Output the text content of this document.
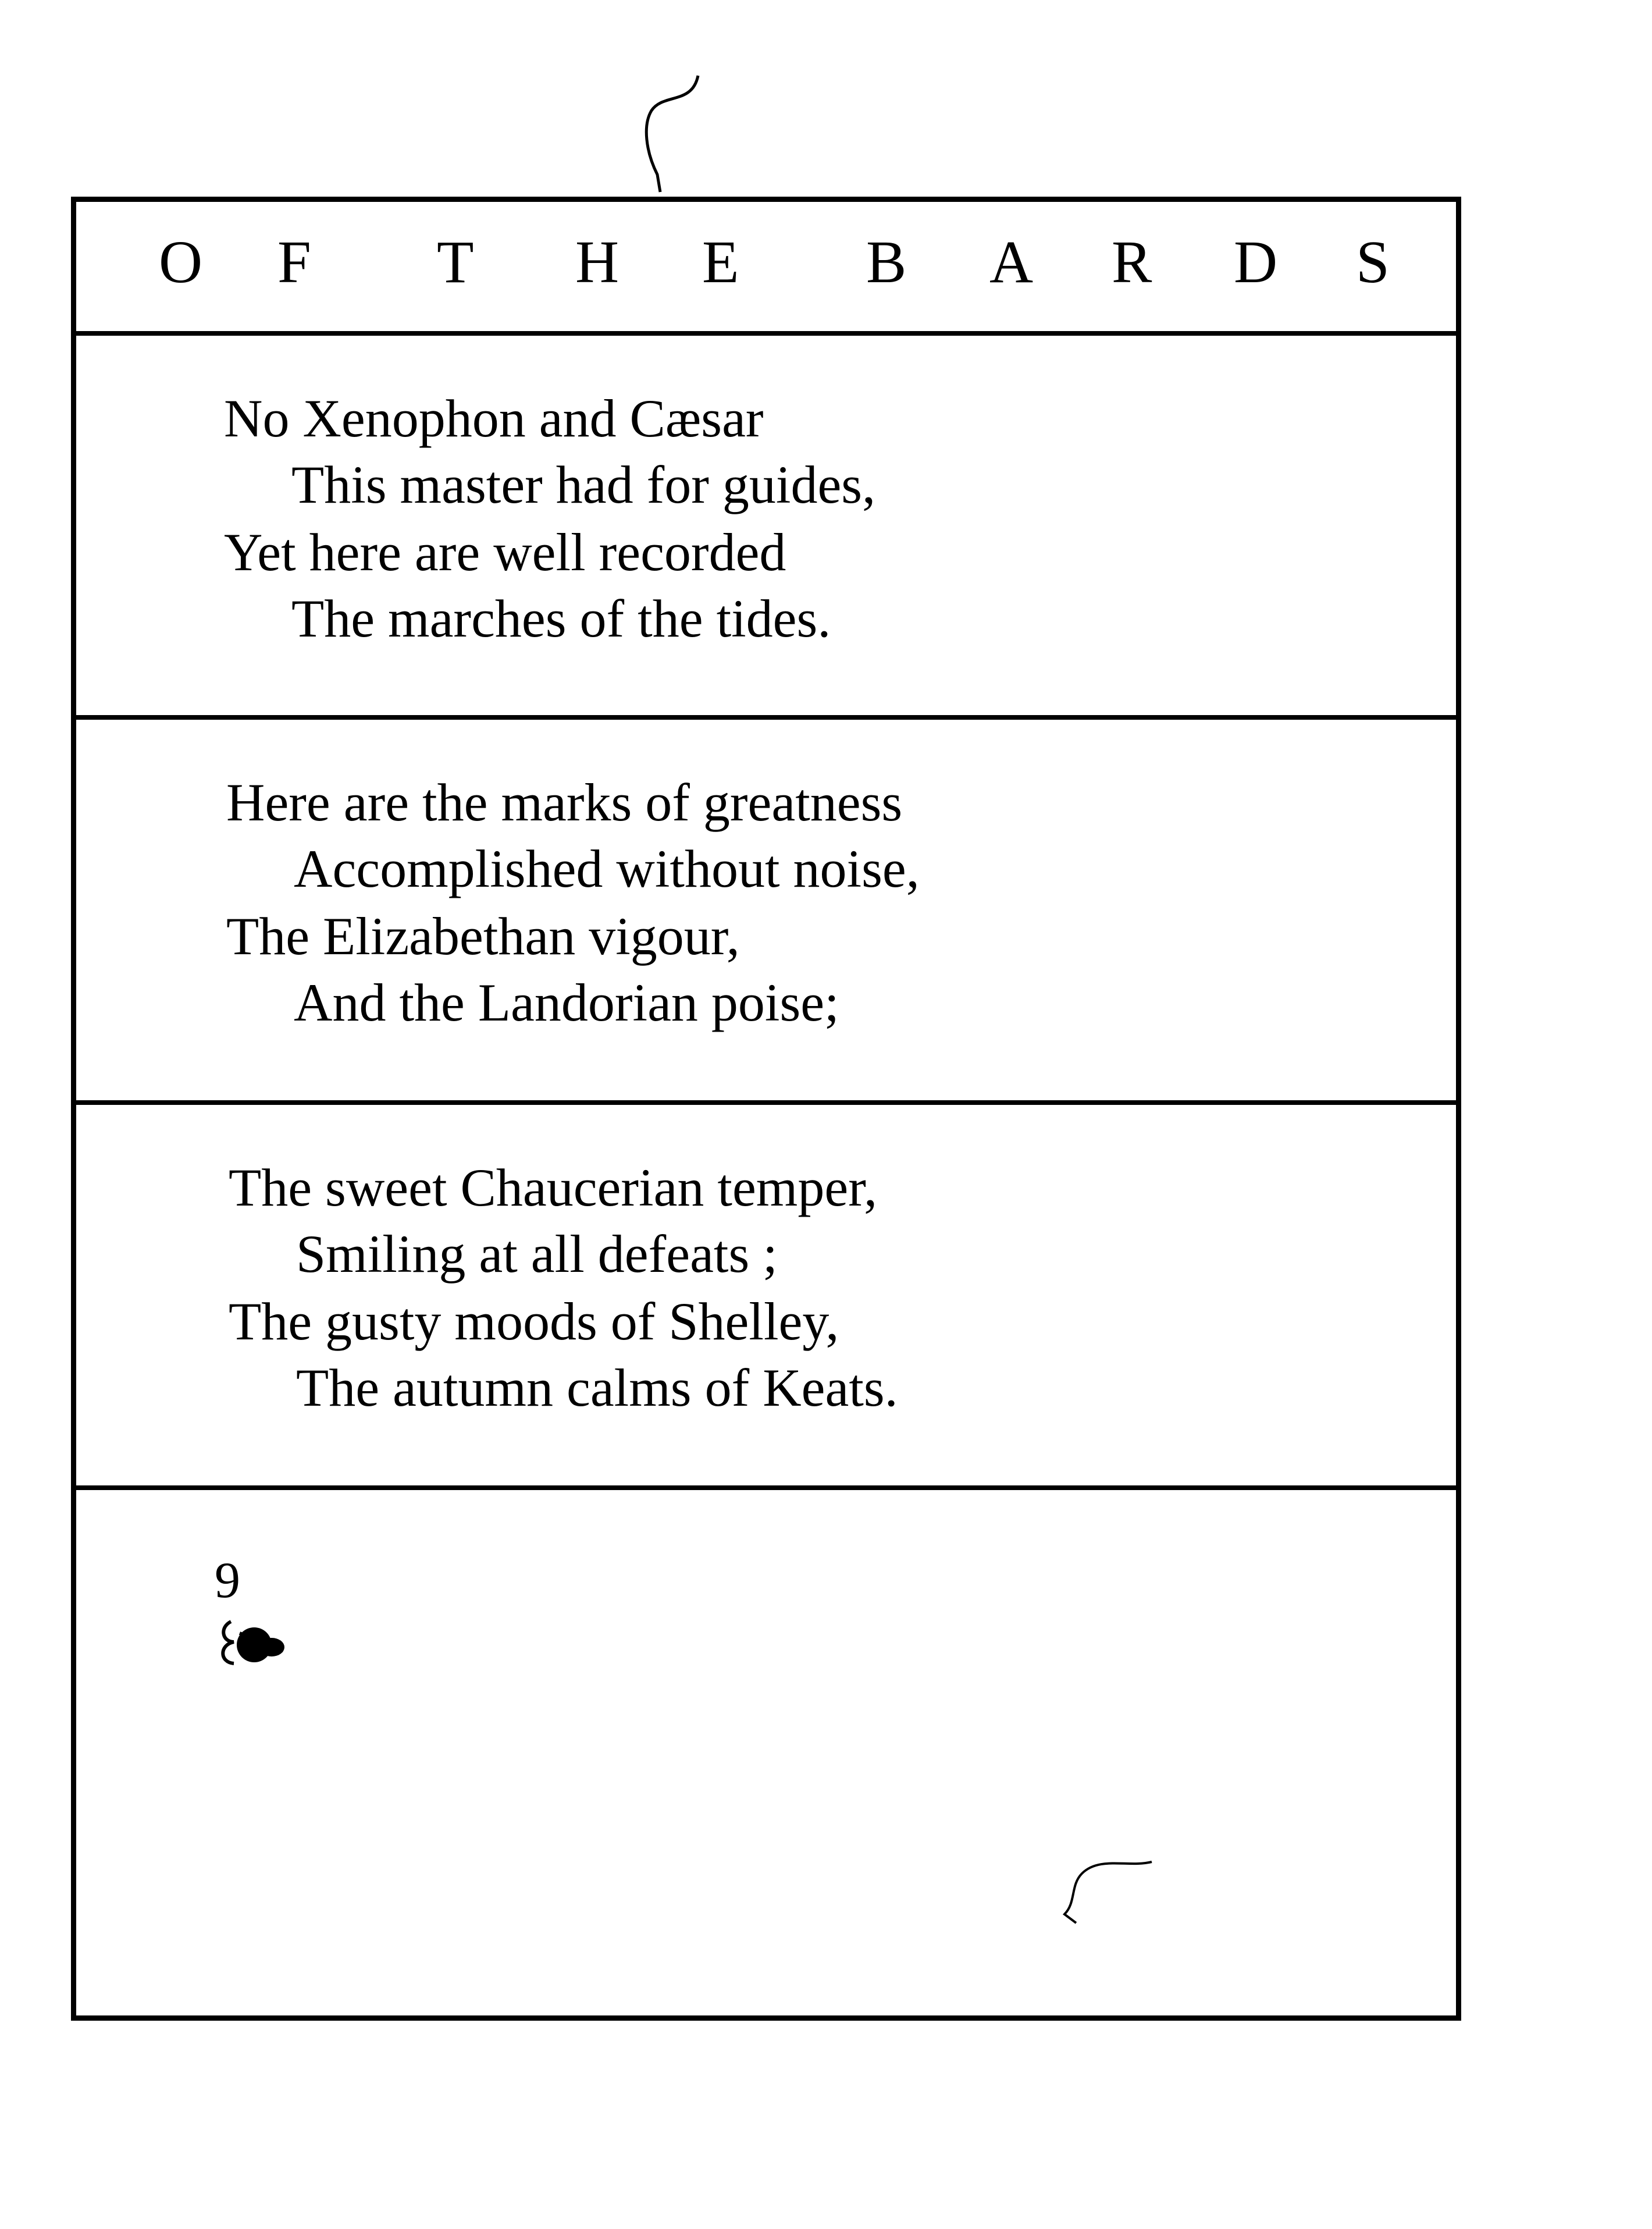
O F T H E B A R D S
No Xenophon and Cæsar
This master had for guides,
Yet here are well recorded
The marches of the tides.
Here are the marks of greatness
Accomplished without noise,
The Elizabethan vigour,
And the Landorian poise;
The sweet Chaucerian temper,
Smiling at all defeats ;
The gusty moods of Shelley,
The autumn calms of Keats.
9
